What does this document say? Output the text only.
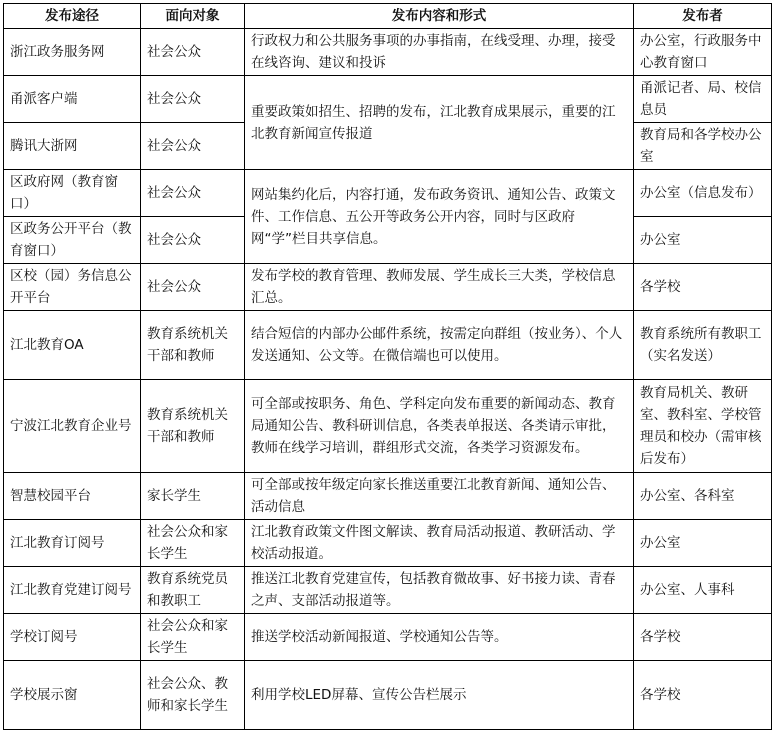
发布途径	面向对象	发布内容和形式	发布者
浙江政务服务网	社会公众	行政权力和公共服务事项的办事指南，在线受理、办理，接受在线咨询、建议和投诉	办公室，行政服务中心教育窗口
甬派客户端	社会公众	重要政策如招生、招聘的发布，江北教育成果展示，重要的江北教育新闻宣传报道	甬派记者、局、校信息员
腾讯大浙网	社会公众		教育局和各学校办公室
区政府网（教育窗口）	社会公众	网站集约化后，内容打通，发布政务资讯、通知公告、政策文件、工作信息、五公开等政务公开内容，同时与区政府网“学”栏目共享信息。	办公室（信息发布）
区政务公开平台（教育窗口）	社会公众		办公室
区校（园）务信息公开平台	社会公众	发布学校的教育管理、教师发展、学生成长三大类，学校信息汇总。	各学校
江北教育OA	教育系统机关干部和教师	结合短信的内部办公邮件系统，按需定向群组（按业务）、个人发送通知、公文等。在微信端也可以使用。	教育系统所有教职工（实名发送）
宁波江北教育企业号	教育系统机关干部和教师	可全部或按职务、角色、学科定向发布重要的新闻动态、教育局通知公告、教科研训信息，各类表单报送、各类请示审批，教师在线学习培训，群组形式交流，各类学习资源发布。	教育局机关、教研室、教科室、学校管理员和校办（需审核后发布）
智慧校园平台	家长学生	可全部或按年级定向家长推送重要江北教育新闻、通知公告、活动信息	办公室、各科室
江北教育订阅号	社会公众和家长学生	江北教育政策文件图文解读、教育局活动报道、教研活动、学校活动报道。	办公室
江北教育党建订阅号	教育系统党员和教职工	推送江北教育党建宣传，包括教育微故事、好书接力读、青春之声、支部活动报道等。	办公室、人事科
学校订阅号	社会公众和家长学生	推送学校活动新闻报道、学校通知公告等。	各学校
学校展示窗	社会公众、教师和家长学生	利用学校LED屏幕、宣传公告栏展示	各学校
